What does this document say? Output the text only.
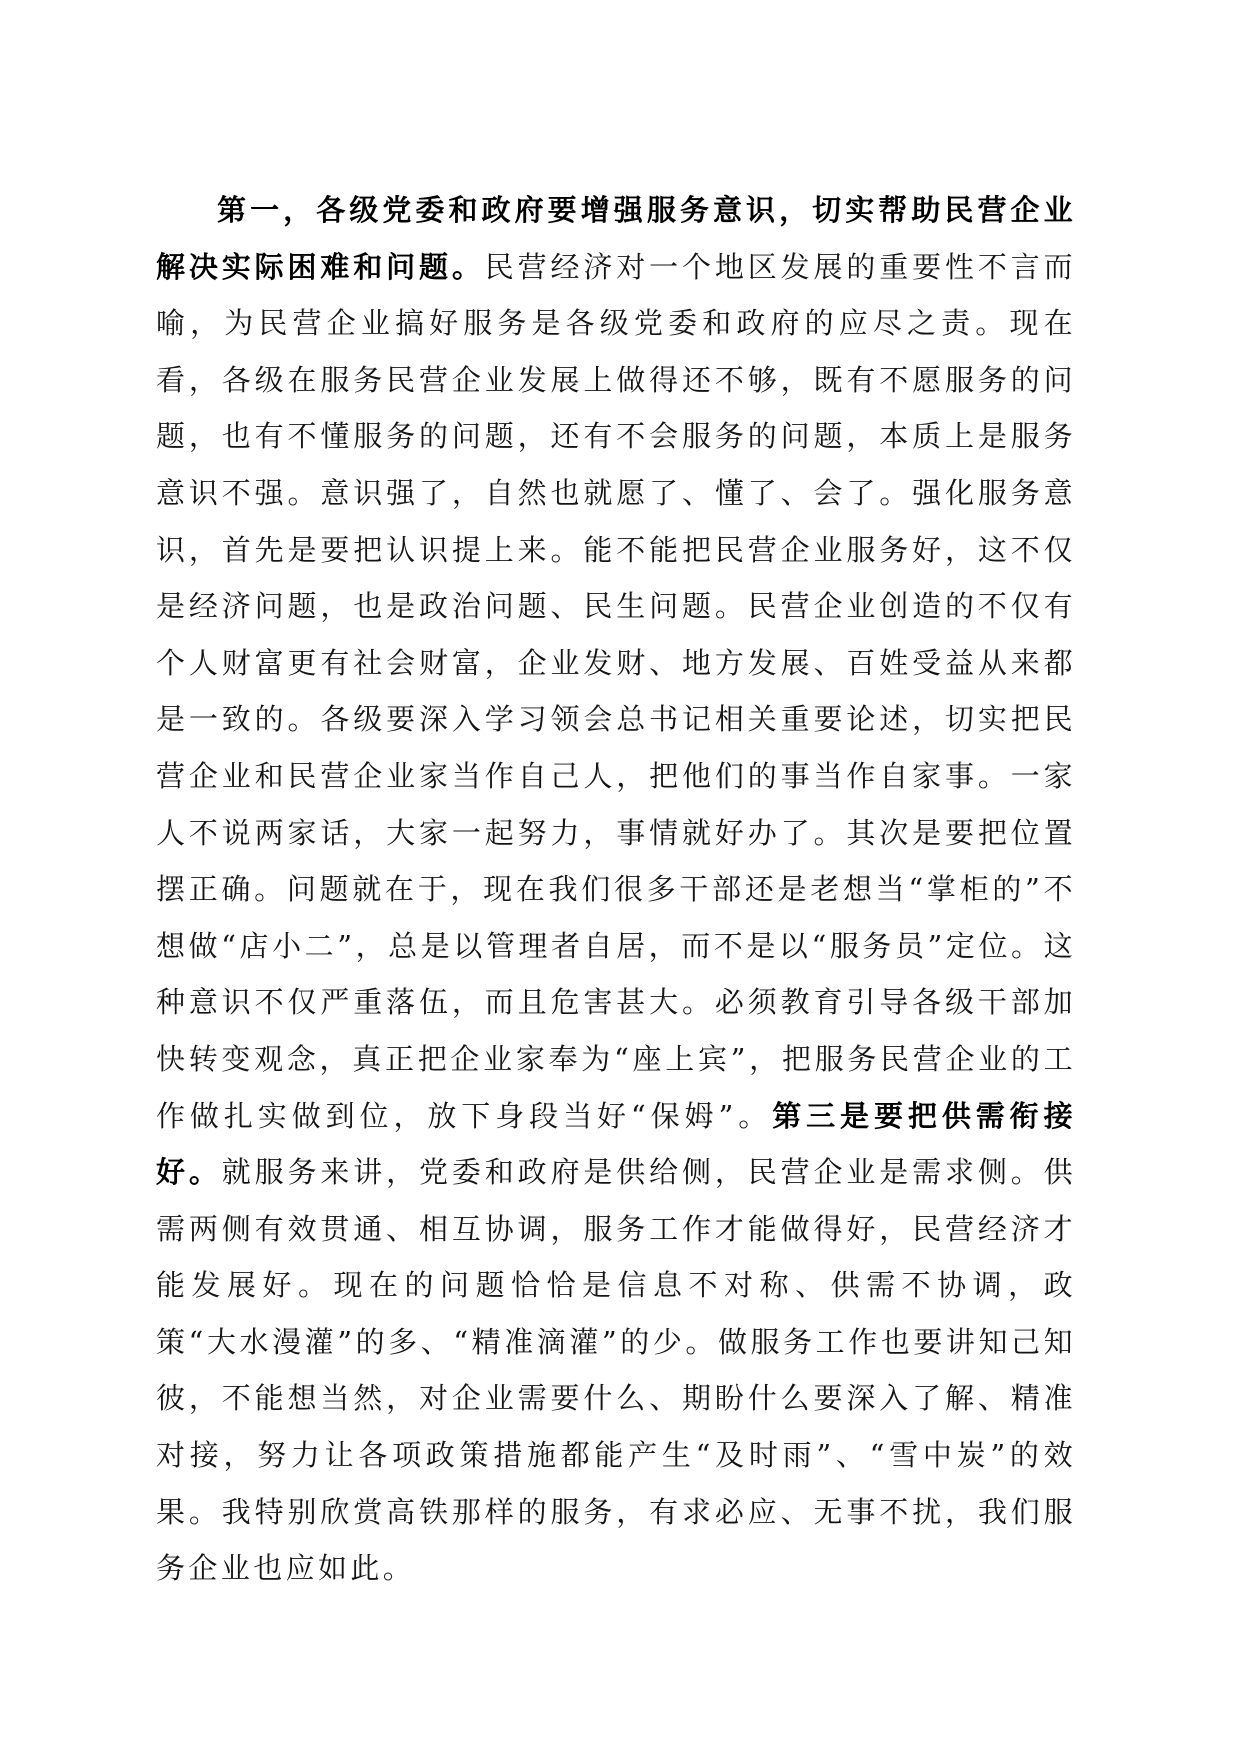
第一，各级党委和政府要增强服务意识，切实帮助民营企业解决实际困难和问题。民营经济对一个地区发展的重要性不言而喻，为民营企业搞好服务是各级党委和政府的应尽之责。现在看，各级在服务民营企业发展上做得还不够，既有不愿服务的问题，也有不懂服务的问题，还有不会服务的问题，本质上是服务意识不强。意识强了，自然也就愿了、懂了、会了。强化服务意识，首先是要把认识提上来。能不能把民营企业服务好，这不仅是经济问题，也是政治问题、民生问题。民营企业创造的不仅有个人财富更有社会财富，企业发财、地方发展、百姓受益从来都是一致的。各级要深入学习领会总书记相关重要论述，切实把民营企业和民营企业家当作自己人，把他们的事当作自家事。一家人不说两家话，大家一起努力，事情就好办了。其次是要把位置摆正确。问题就在于，现在我们很多干部还是老想当“掌柜的”不想做“店小二”，总是以管理者自居，而不是以“服务员”定位。这种意识不仅严重落伍，而且危害甚大。必须教育引导各级干部加快转变观念，真正把企业家奉为“座上宾”，把服务民营企业的工作做扎实做到位，放下身段当好“保姆”。第三是要把供需衔接好。就服务来讲，党委和政府是供给侧，民营企业是需求侧。供需两侧有效贯通、相互协调，服务工作才能做得好，民营经济才能发展好。现在的问题恰恰是信息不对称、供需不协调，政策“大水漫灌”的多、“精准滴灌”的少。做服务工作也要讲知己知彼，不能想当然，对企业需要什么、期盼什么要深入了解、精准对接，努力让各项政策措施都能产生“及时雨”、“雪中炭”的效果。我特别欣赏高铁那样的服务，有求必应、无事不扰，我们服务企业也应如此。
